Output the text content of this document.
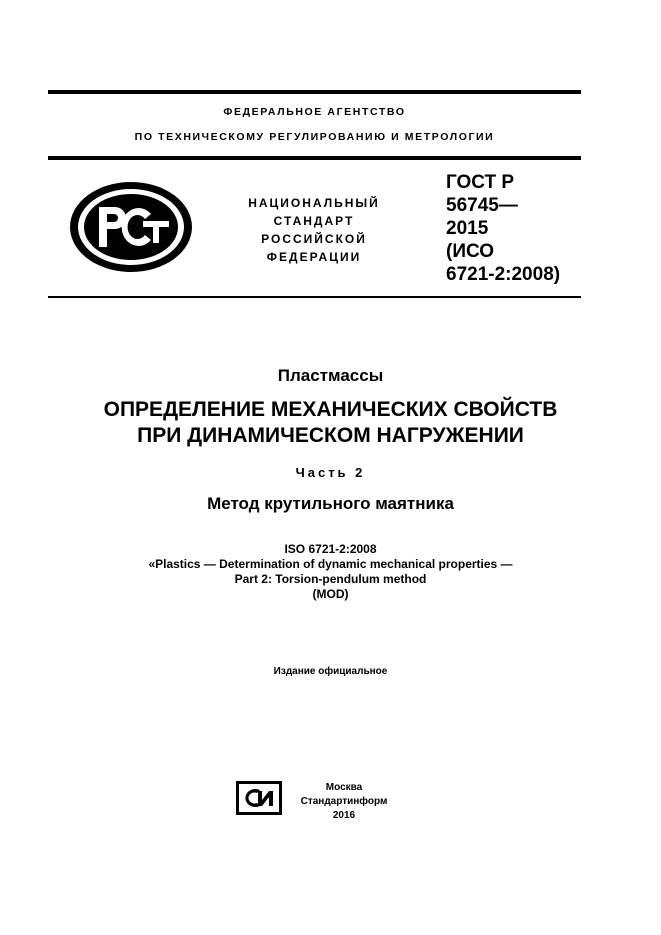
ФЕДЕРАЛЬНОЕ АГЕНТСТВО
ПО ТЕХНИЧЕСКОМУ РЕГУЛИРОВАНИЮ И МЕТРОЛОГИИ
НАЦИОНАЛЬНЫЙ
СТАНДАРТ
РОССИЙСКОЙ
ФЕДЕРАЦИИ
ГОСТ Р
56745—
2015
(ИСО
6721-2:2008)
Пластмассы
ОПРЕДЕЛЕНИЕ МЕХАНИЧЕСКИХ СВОЙСТВ
ПРИ ДИНАМИЧЕСКОМ НАГРУЖЕНИИ
Часть 2
Метод крутильного маятника
ISO 6721-2:2008
«Plastics — Determination of dynamic mechanical properties —
Part 2: Torsion-pendulum method
(MOD)
Издание официальное
Москва
Стандартинформ
2016
